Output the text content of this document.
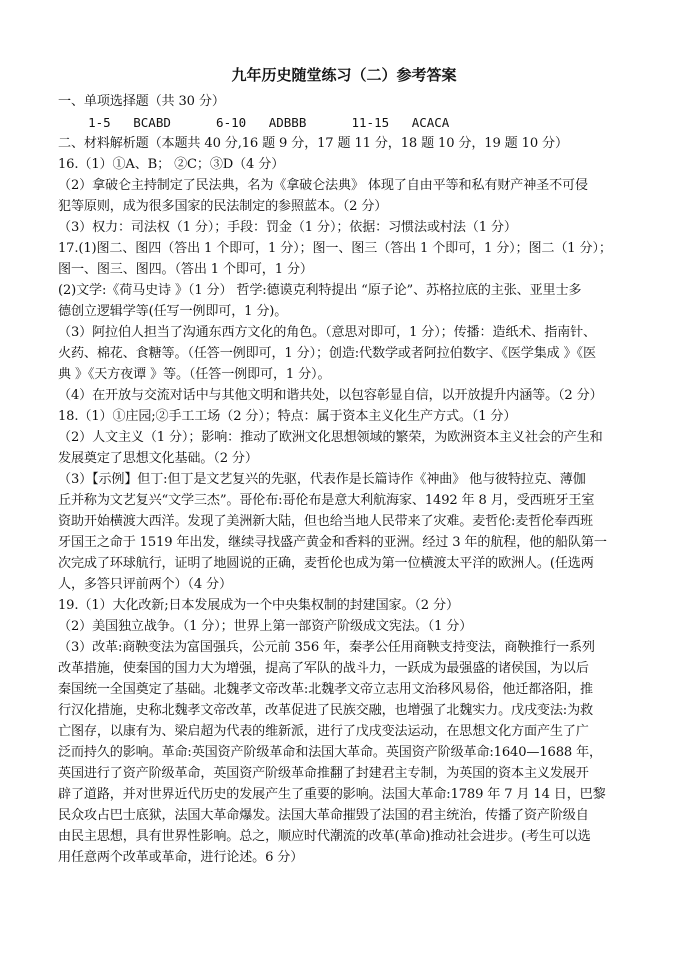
九年历史随堂练习（二）参考答案
一、单项选择题（共 30 分）
1-5   BCABD      6-10   ADBBB      11-15   ACACA
二、材料解析题（本题共 40 分,16 题 9 分，17 题 11 分，18 题 10 分，19 题 10 分）
16.（1）①A、B； ②C；③D（4 分）
（2）拿破仑主持制定了民法典，名为《拿破仑法典》 体现了自由平等和私有财产神圣不可侵
犯等原则，成为很多国家的民法制定的参照蓝本。（2 分）
（3）权力：司法权（1 分）；手段：罚金（1 分）；依据：习惯法或村法（1 分）
17.(1)图二、图四（答出 1 个即可，1 分）；图一、图三（答出 1 个即可，1 分）；图二（1 分）；
图一、图三、图四。（答出 1 个即可，1 分）
(2)文学:《荷马史诗 》（1 分） 哲学:德谟克利特提出 “原子论”、苏格拉底的主张、亚里士多
德创立逻辑学等(任写一例即可，1 分)。
（3）阿拉伯人担当了沟通东西方文化的角色。（意思对即可，1 分）；传播：造纸术、指南针、
火药、棉花、食糖等。（任答一例即可，1 分）；创造:代数学或者阿拉伯数字、《医学集成 》《医
典 》《天方夜谭 》等。（任答一例即可，1 分）。
（4）在开放与交流对话中与其他文明和谐共处，以包容彰显自信，以开放提升内涵等。（2 分）
18.（1）①庄园;②手工工场（2 分）；特点：属于资本主义化生产方式。（1 分）
（2）人文主义（1 分）；影响：推动了欧洲文化思想领域的繁荣，为欧洲资本主义社会的产生和
发展奠定了思想文化基础。（2 分）
（3）【示例】但丁:但丁是文艺复兴的先驱，代表作是长篇诗作《神曲》 他与彼特拉克、薄伽
丘并称为文艺复兴“文学三杰”。哥伦布:哥伦布是意大利航海家、1492 年 8 月，受西班牙王室
资助开始横渡大西洋。发现了美洲新大陆，但也给当地人民带来了灾难。麦哲伦:麦哲伦奉西班
牙国王之命于 1519 年出发，继续寻找盛产黄金和香料的亚洲。经过 3 年的航程，他的船队第一
次完成了环球航行，证明了地圆说的正确，麦哲伦也成为第一位横渡太平洋的欧洲人。(任选两
人，多答只评前两个）（4 分）
19.（1）大化改新;日本发展成为一个中央集权制的封建国家。（2 分）
（2）美国独立战争。（1 分）；世界上第一部资产阶级成文宪法。（1 分）
（3）改革:商鞅变法为富国强兵，公元前 356 年，秦孝公任用商鞅支持变法，商鞅推行一系列
改革措施，使秦国的国力大为增强，提高了军队的战斗力，一跃成为最强盛的诸侯国，为以后
秦国统一全国奠定了基础。北魏孝文帝改革:北魏孝文帝立志用文治移风易俗，他迁都洛阳，推
行汉化措施，史称北魏孝文帝改革，改革促进了民族交融，也增强了北魏实力。戊戌变法:为救
亡图存，以康有为、梁启超为代表的维新派，进行了戊戌变法运动，在思想文化方面产生了广
泛而持久的影响。革命:英国资产阶级革命和法国大革命。英国资产阶级革命:1640—1688 年，
英国进行了资产阶级革命，英国资产阶级革命推翻了封建君主专制，为英国的资本主义发展开
辟了道路，并对世界近代历史的发展产生了重要的影响。法国大革命:1789 年 7 月 14 日，巴黎
民众攻占巴士底狱，法国大革命爆发。法国大革命摧毁了法国的君主统治，传播了资产阶级自
由民主思想，具有世界性影响。总之，顺应时代潮流的改革(革命)推动社会进步。(考生可以选
用任意两个改革或革命，进行论述。6 分）
